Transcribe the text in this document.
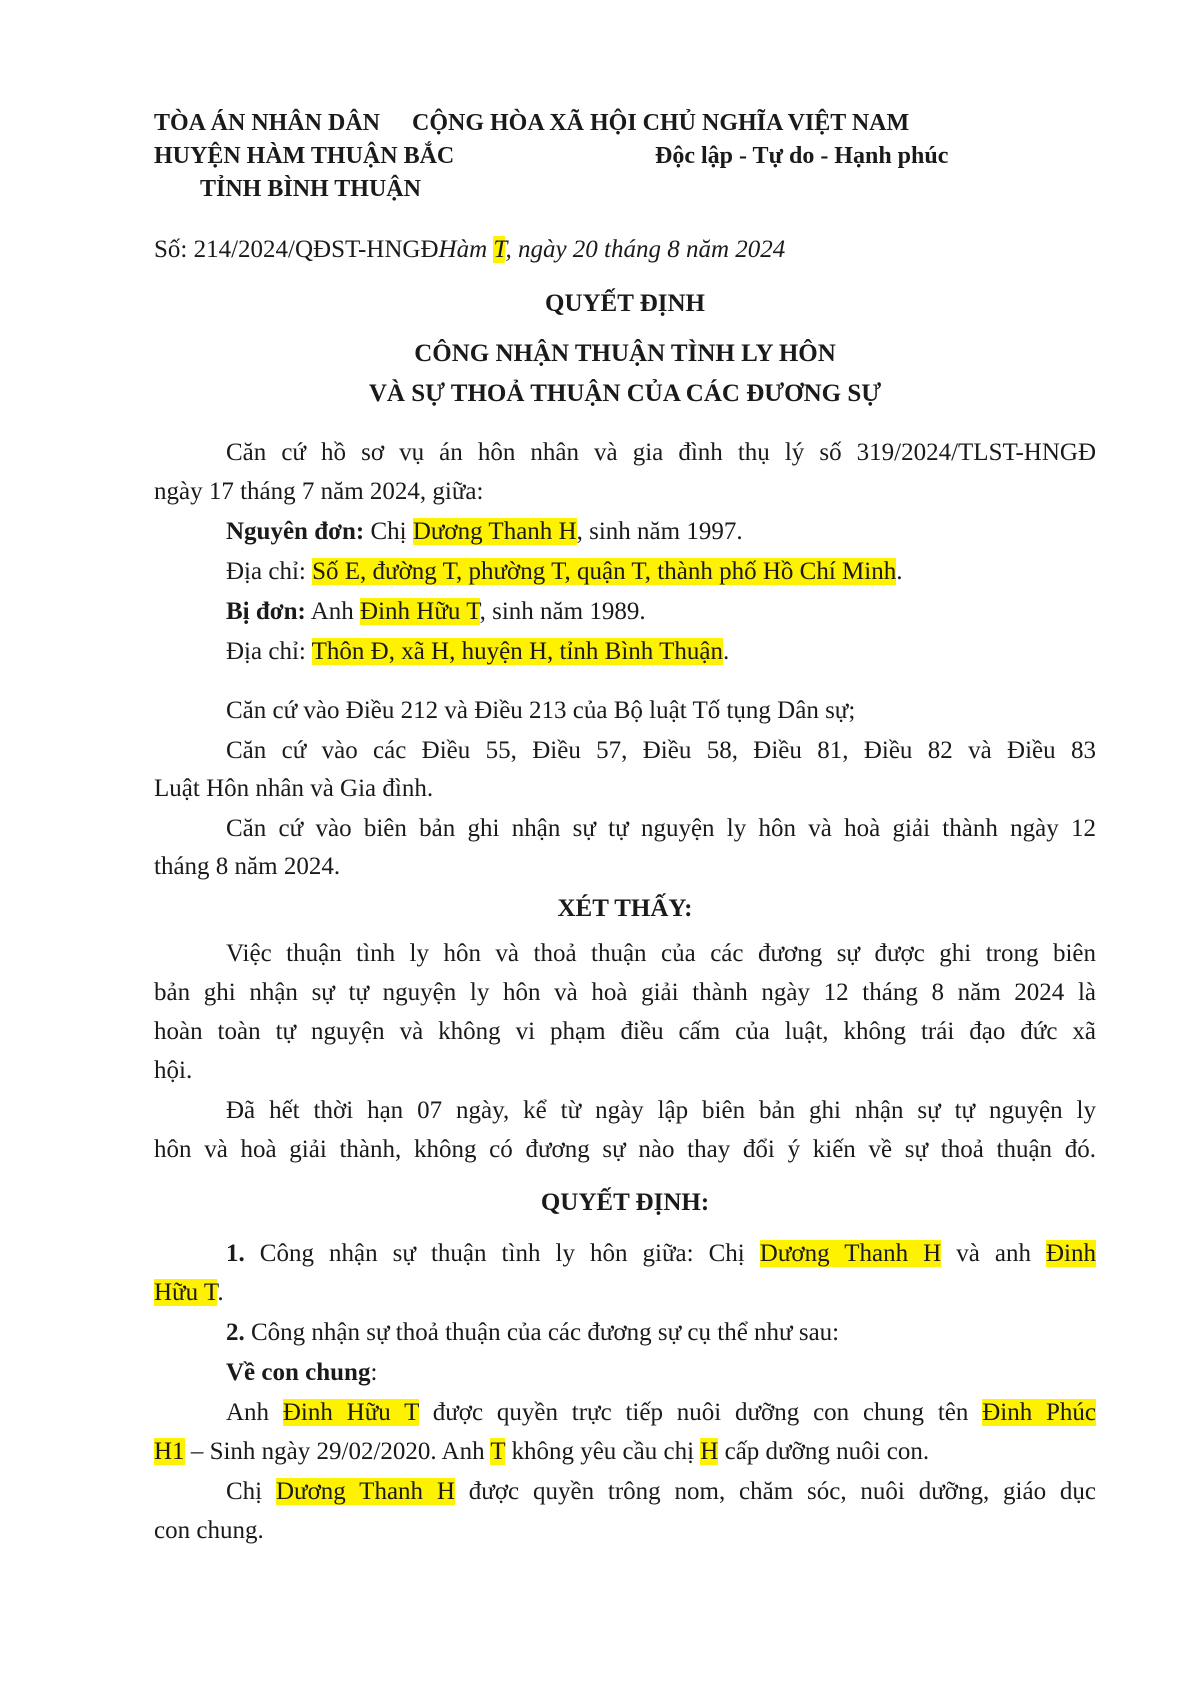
TÒA ÁN NHÂN DÂN
HUYỆN HÀM THUẬN BẮC
TỈNH BÌNH THUẬN
CỘNG HÒA XÃ HỘI CHỦ NGHĨA VIỆT NAM
Độc lập - Tự do - Hạnh phúc
Số: 214/2024/QĐST-HNGĐHàm T, ngày 20 tháng 8 năm 2024
QUYẾT ĐỊNH
CÔNG NHẬN THUẬN TÌNH LY HÔN
VÀ SỰ THOẢ THUẬN CỦA CÁC ĐƯƠNG SỰ
Căn cứ hồ sơ vụ án hôn nhân và gia đình thụ lý số 319/2024/TLST-HNGĐ
ngày 17 tháng 7 năm 2024, giữa:
Nguyên đơn: Chị Dương Thanh H, sinh năm 1997.
Địa chỉ: Số E, đường T, phường T, quận T, thành phố Hồ Chí Minh.
Bị đơn: Anh Đinh Hữu T, sinh năm 1989.
Địa chỉ: Thôn Đ, xã H, huyện H, tỉnh Bình Thuận.
Căn cứ vào Điều 212 và Điều 213 của Bộ luật Tố tụng Dân sự;
Căn cứ vào các Điều 55, Điều 57, Điều 58, Điều 81, Điều 82 và Điều 83
Luật Hôn nhân và Gia đình.
Căn cứ vào biên bản ghi nhận sự tự nguyện ly hôn và hoà giải thành ngày 12
tháng 8 năm 2024.
XÉT THẤY:
Việc thuận tình ly hôn và thoả thuận của các đương sự được ghi trong biên
bản ghi nhận sự tự nguyện ly hôn và hoà giải thành ngày 12 tháng 8 năm 2024 là
hoàn toàn tự nguyện và không vi phạm điều cấm của luật, không trái đạo đức xã
hội.
Đã hết thời hạn 07 ngày, kể từ ngày lập biên bản ghi nhận sự tự nguyện ly
hôn và hoà giải thành, không có đương sự nào thay đổi ý kiến về sự thoả thuận đó.
QUYẾT ĐỊNH:
1. Công nhận sự thuận tình ly hôn giữa: Chị Dương Thanh H và anh Đinh
Hữu T.
2. Công nhận sự thoả thuận của các đương sự cụ thể như sau:
Về con chung:
Anh Đinh Hữu T được quyền trực tiếp nuôi dưỡng con chung tên Đinh Phúc
H1 – Sinh ngày 29/02/2020. Anh T không yêu cầu chị H cấp dưỡng nuôi con.
Chị Dương Thanh H được quyền trông nom, chăm sóc, nuôi dưỡng, giáo dục
con chung.
